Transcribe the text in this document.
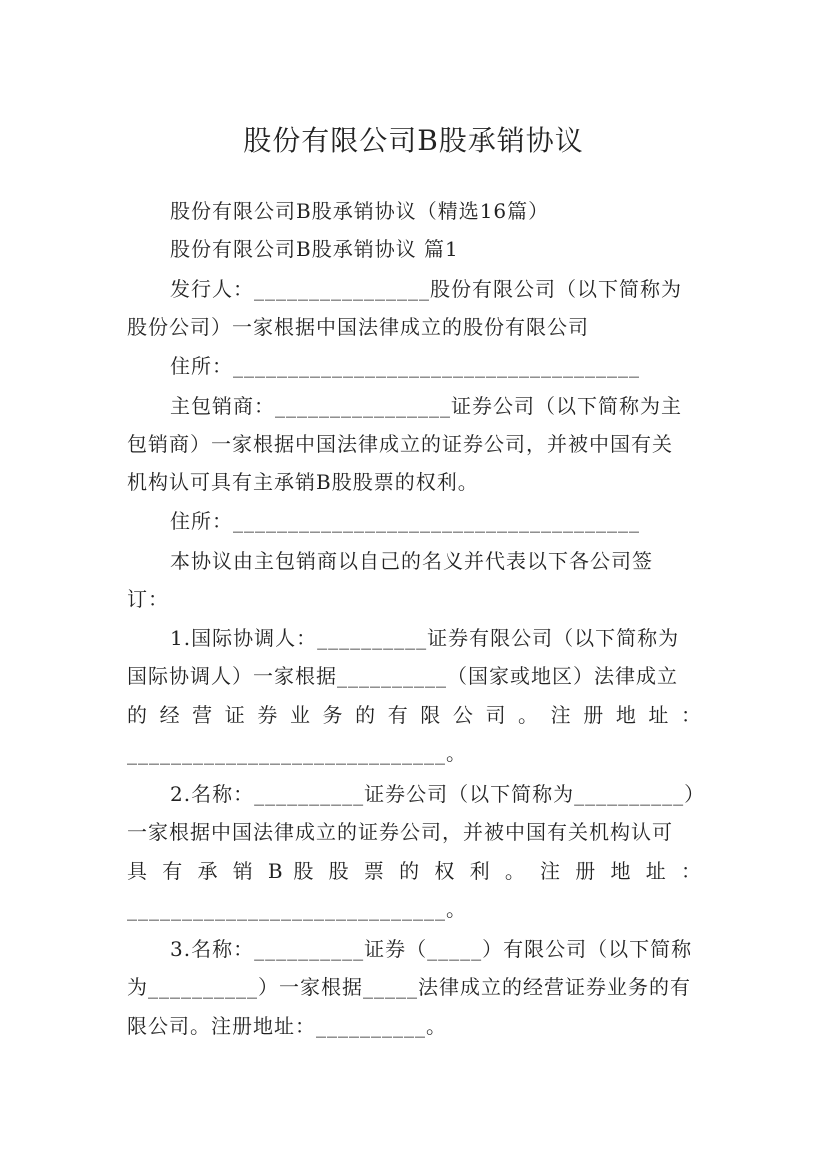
股份有限公司B股承销协议
股份有限公司B股承销协议（精选16篇）
股份有限公司B股承销协议 篇1
发行人：________________股份有限公司（以下简称为
股份公司）一家根据中国法律成立的股份有限公司
住所：_____________________________________
主包销商：________________证券公司（以下简称为主
包销商）一家根据中国法律成立的证券公司，并被中国有关
机构认可具有主承销B股股票的权利。
住所：_____________________________________
本协议由主包销商以自己的名义并代表以下各公司签
订：
1.国际协调人：__________证券有限公司（以下简称为
国际协调人）一家根据__________（国家或地区）法律成立
的 经 营 证 券 业 务 的 有 限 公 司 。 注 册 地 址 ：
_____________________________。
2.名称：__________证券公司（以下简称为__________）
一家根据中国法律成立的证券公司，并被中国有关机构认可
具 有 承 销 B 股 股 票 的 权 利 。 注 册 地 址 ：
_____________________________。
3.名称：__________证券（_____）有限公司（以下简称
为__________）一家根据_____法律成立的经营证券业务的有
限公司。注册地址：__________。
